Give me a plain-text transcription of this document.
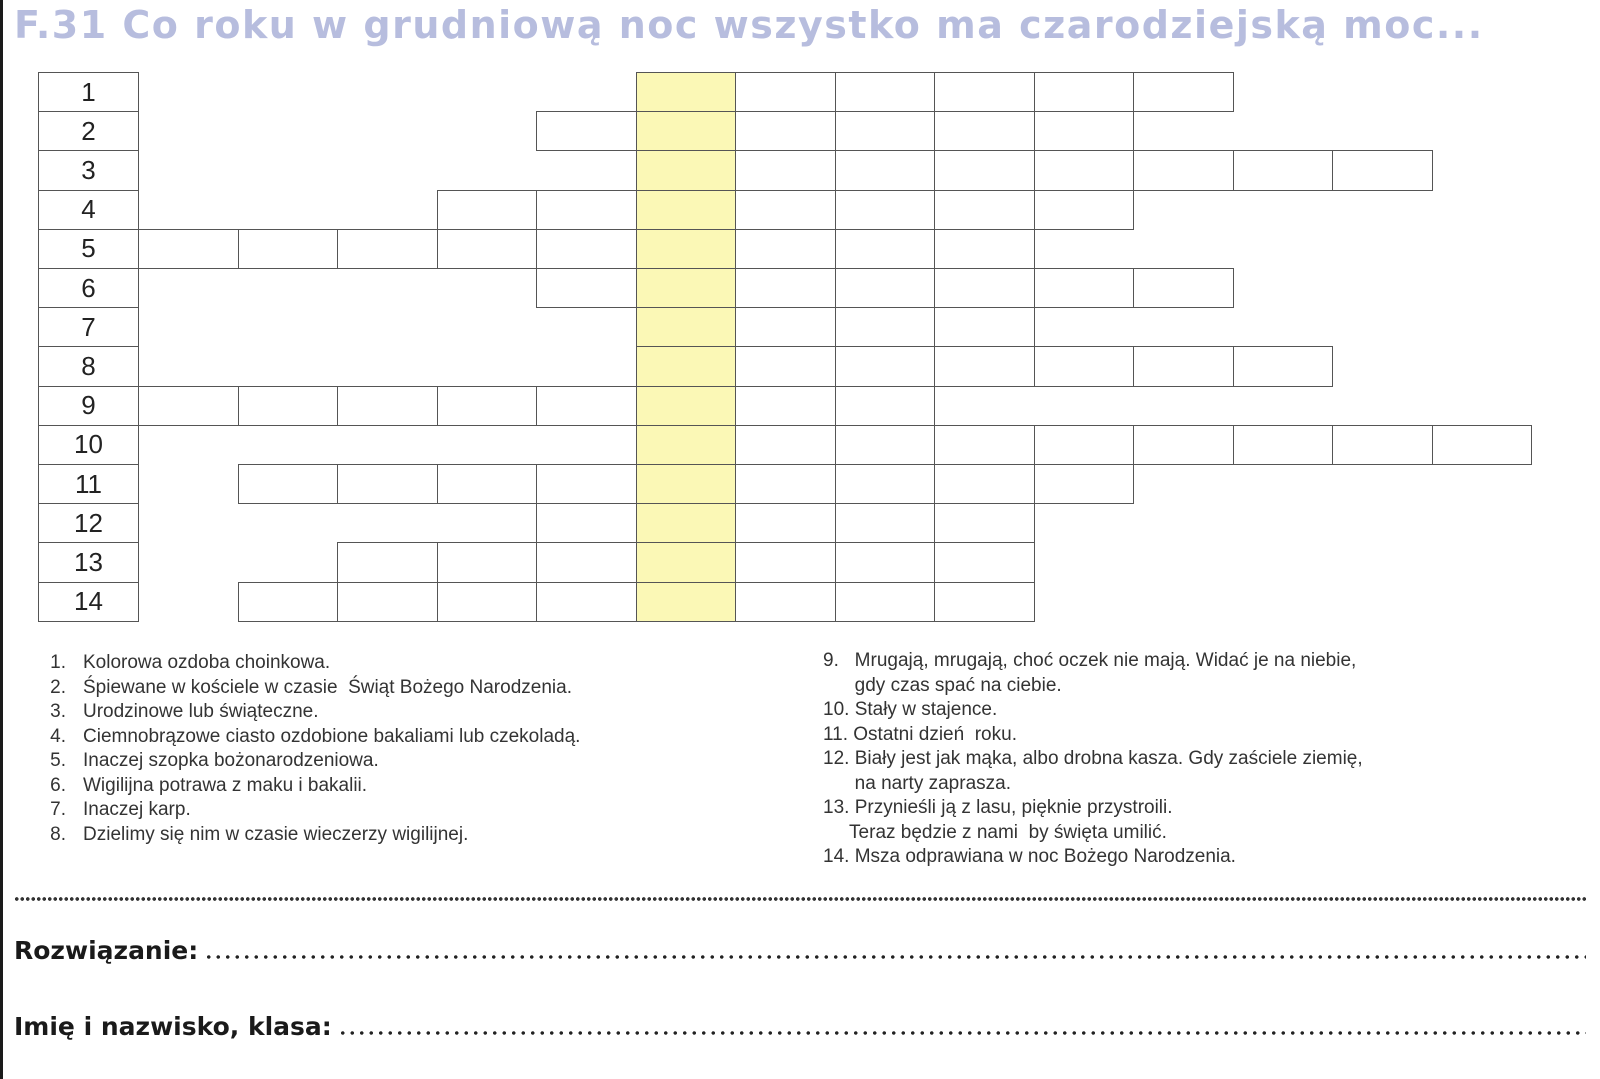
F.31 Co roku w grudniową noc wszystko ma czarodziejską moc...
1
2
3
4
5
6
7
8
9
10
11
12
13
14
1. Kolorowa ozdoba choinkowa.
2. Śpiewane w kościele w czasie  Świąt Bożego Narodzenia.
3. Urodzinowe lub świąteczne.
4. Ciemnobrązowe ciasto ozdobione bakaliami lub czekoladą.
5. Inaczej szopka bożonarodzeniowa.
6. Wigilijna potrawa z maku i bakalii.
7. Inaczej karp.
8. Dzielimy się nim w czasie wieczerzy wigilijnej.
9.   Mrugają, mrugają, choć oczek nie mają. Widać je na niebie,
gdy czas spać na ciebie.
10. Stały w stajence.
11. Ostatni dzień  roku.
12. Biały jest jak mąka, albo drobna kasza. Gdy zaściele ziemię,
na narty zaprasza.
13. Przynieśli ją z lasu, pięknie przystroili.
Teraz będzie z nami  by święta umilić.
14. Msza odprawiana w noc Bożego Narodzenia.
Rozwiązanie:
Imię i nazwisko, klasa:
